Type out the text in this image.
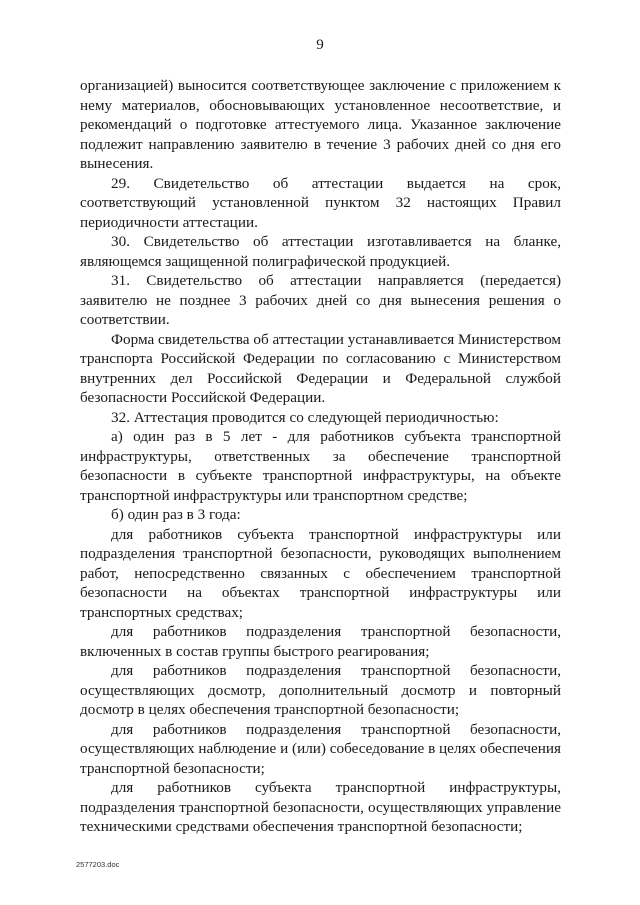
9

организацией) выносится соответствующее заключение с приложением к нему материалов, обосновывающих установленное несоответствие, и рекомендаций о подготовке аттестуемого лица. Указанное заключение подлежит направлению заявителю в течение 3 рабочих дней со дня его вынесения.

29. Свидетельство об аттестации выдается на срок, соответствующий установленной пунктом 32 настоящих Правил периодичности аттестации.

30. Свидетельство об аттестации изготавливается на бланке, являющемся защищенной полиграфической продукцией.

31. Свидетельство об аттестации направляется (передается) заявителю не позднее 3 рабочих дней со дня вынесения решения о соответствии.

Форма свидетельства об аттестации устанавливается Министерством транспорта Российской Федерации по согласованию с Министерством внутренних дел Российской Федерации и Федеральной службой безопасности Российской Федерации.

32. Аттестация проводится со следующей периодичностью:

а) один раз в 5 лет - для работников субъекта транспортной инфраструктуры, ответственных за обеспечение транспортной безопасности в субъекте транспортной инфраструктуры, на объекте транспортной инфраструктуры или транспортном средстве;

б) один раз в 3 года:

для работников субъекта транспортной инфраструктуры или подразделения транспортной безопасности, руководящих выполнением работ, непосредственно связанных с обеспечением транспортной безопасности на объектах транспортной инфраструктуры или транспортных средствах;

для работников подразделения транспортной безопасности, включенных в состав группы быстрого реагирования;

для работников подразделения транспортной безопасности, осуществляющих досмотр, дополнительный досмотр и повторный досмотр в целях обеспечения транспортной безопасности;

для работников подразделения транспортной безопасности, осуществляющих наблюдение и (или) собеседование в целях обеспечения транспортной безопасности;

для работников субъекта транспортной инфраструктуры, подразделения транспортной безопасности, осуществляющих управление техническими средствами обеспечения транспортной безопасности;

2577203.doc
